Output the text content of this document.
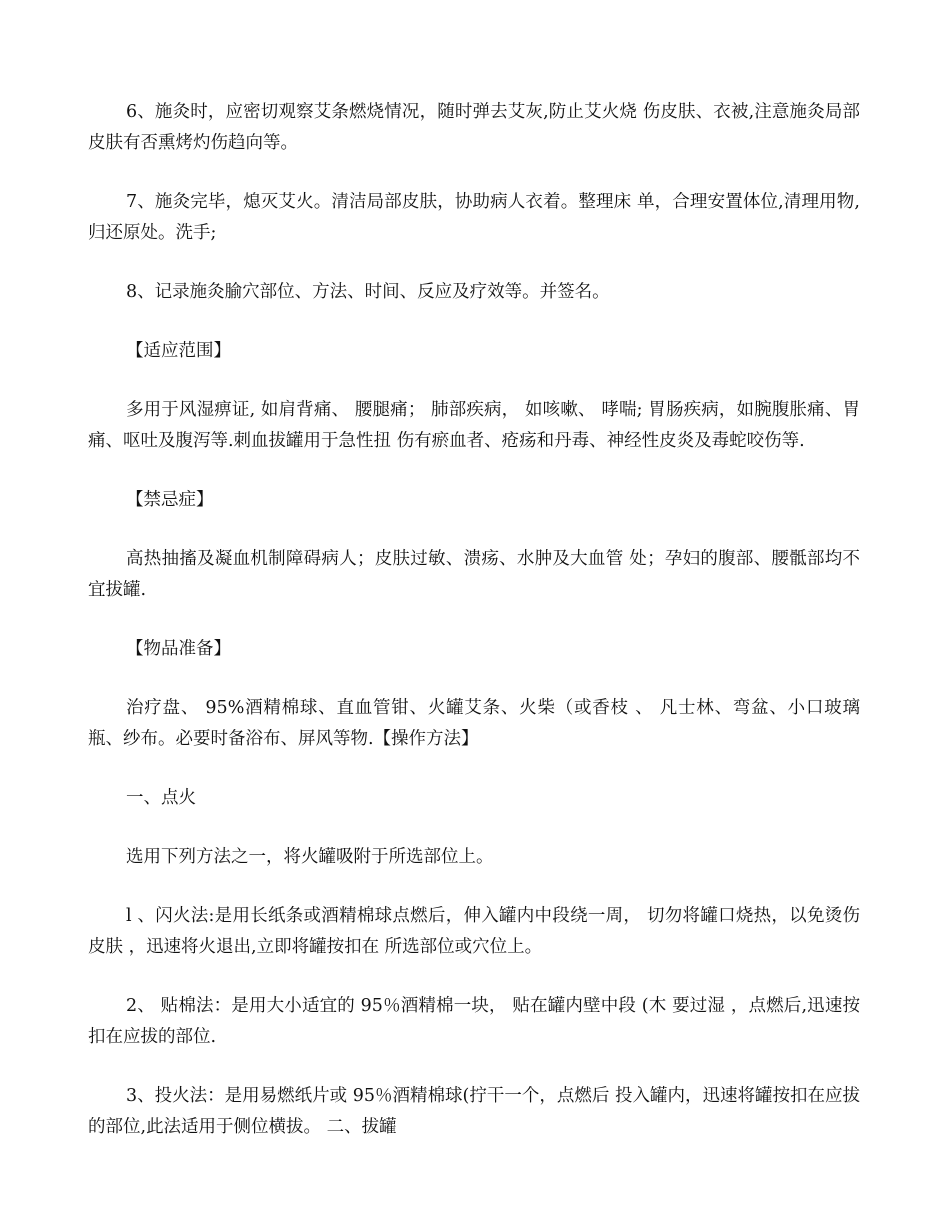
6、施灸时，应密切观察艾条燃烧情况，随时弹去艾灰,防止艾火烧 伤皮肤、衣被,注意施灸局部皮肤有否熏烤灼伤趋向等。

7、施灸完毕，熄灭艾火。清洁局部皮肤，协助病人衣着。整理床 单，合理安置体位,清理用物,归还原处。洗手;

8、记录施灸腧穴部位、方法、时间、反应及疗效等。并签名。

【适应范围】

多用于风湿痹证, 如肩背痛、 腰腿痛； 肺部疾病， 如咳嗽、 哮喘; 胃肠疾病，如腕腹胀痛、胃痛、呕吐及腹泻等.刺血拔罐用于急性扭 伤有瘀血者、疮疡和丹毒、神经性皮炎及毒蛇咬伤等.

【禁忌症】

高热抽搐及凝血机制障碍病人；皮肤过敏、溃疡、水肿及大血管 处；孕妇的腹部、腰骶部均不宜拔罐.

【物品准备】

治疗盘、 95%酒精棉球、直血管钳、火罐艾条、火柴（或香枝 、 凡士林、弯盆、小口玻璃瓶、纱布。必要时备浴布、屏风等物.【操作方法】

一、点火

选用下列方法之一，将火罐吸附于所选部位上。

l 、闪火法:是用长纸条或酒精棉球点燃后，伸入罐内中段绕一周， 切勿将罐口烧热，以免烫伤皮肤 ，迅速将火退出,立即将罐按扣在 所选部位或穴位上。

2、 贴棉法：是用大小适宜的 95％酒精棉一块， 贴在罐内壁中段 (木 要过湿 ，点燃后,迅速按扣在应拔的部位.

3、投火法：是用易燃纸片或 95％酒精棉球(拧干一个，点燃后 投入罐内，迅速将罐按扣在应拔的部位,此法适用于侧位横拔。 二、拔罐
